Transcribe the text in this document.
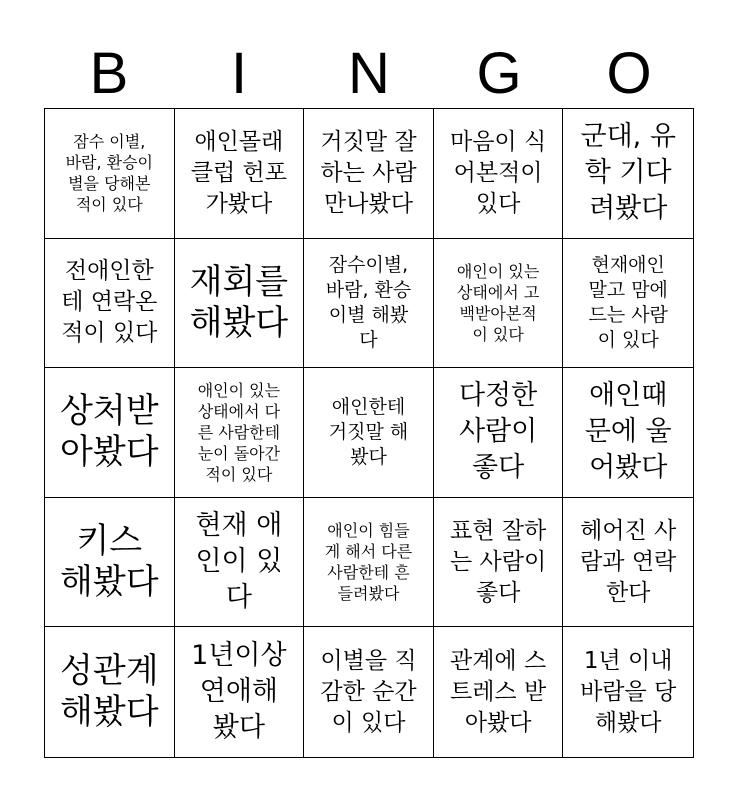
B	I	N	G	O
잠수 이별,
바람, 환승이
별을 당해본
적이 있다
애인몰래
클럽 헌포
가봤다
거짓말 잘
하는 사람
만나봤다
마음이 식
어본적이
있다
군대, 유
학 기다
려봤다
전애인한
테 연락온
적이 있다
재회를
해봤다
잠수이별,
바람, 환승
이별 해봤
다
애인이 있는
상태에서 고
백받아본적
이 있다
현재애인
말고 맘에
드는 사람
이 있다
상처받
아봤다
애인이 있는
상태에서 다
른 사람한테
눈이 돌아간
적이 있다
애인한테
거짓말 해
봤다
다정한
사람이
좋다
애인때
문에 울
어봤다
키스
해봤다
현재 애
인이 있
다
애인이 힘들
게 해서 다른
사람한테 흔
들려봤다
표현 잘하
는 사람이
좋다
헤어진 사
람과 연락
한다
성관계
해봤다
1년이상
연애해
봤다
이별을 직
감한 순간
이 있다
관계에 스
트레스 받
아봤다
1년 이내
바람을 당
해봤다
